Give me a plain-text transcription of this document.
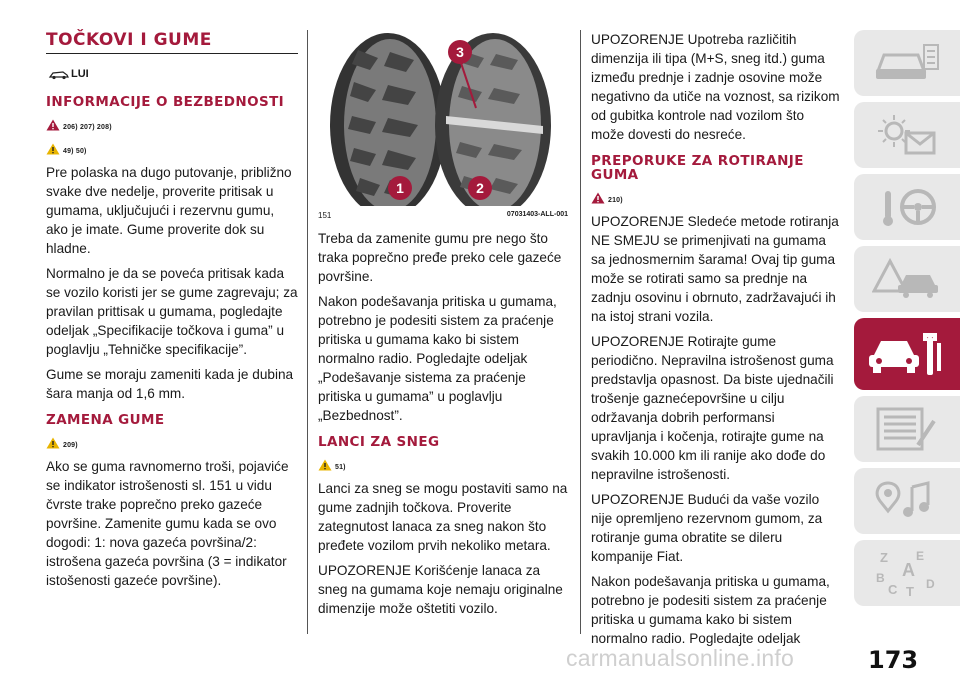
TOČKOVI I GUME
LUI
INFORMACIJE O BEZBEDNOSTI
206) 207) 208)
49) 50)

Pre polaska na dugo putovanje, približno svake dve nedelje, proverite pritisak u gumama, uključujući i rezervnu gumu, ako je imate. Gume proverite dok su hladne.

Normalno je da se poveća pritisak kada se vozilo koristi jer se gume zagrevaju; za pravilan prittisak u gumama, pogledajte odeljak „Specifikacije točkova i guma” u poglavlju „Tehničke specifikacije”.

Gume se moraju zameniti kada je dubina šara manja od 1,6 mm.

ZAMENA GUME
209)

Ako se guma ravnomerno troši, pojaviće se indikator istrošenosti sl. 151 u vidu čvrste trake poprečno preko gazeće površine. Zamenite gumu kada se ovo dogodi: 1: nova gazeća površina/2: istrošena gazeća površina (3 = indikator istošenosti gazeće površine).

3
1	2
151	07031403-ALL-001

Treba da zamenite gumu pre nego što traka poprečno pređe preko cele gazeće površine.

Nakon podešavanja pritiska u gumama, potrebno je podesiti sistem za praćenje pritiska u gumama kako bi sistem normalno radio. Pogledajte odeljak „Podešavanje sistema za praćenje pritiska u gumama” u poglavlju „Bezbednost”.

LANCI ZA SNEG
51)

Lanci za sneg se mogu postaviti samo na gume zadnjih točkova. Proverite zategnutost lanaca za sneg nakon što pređete vozilom prvih nekoliko metara.

UPOZORENJE Korišćenje lanaca za sneg na gumama koje nemaju originalne dimenzije može oštetiti vozilo.

UPOZORENJE Upotreba različitih dimenzija ili tipa (M+S, sneg itd.) guma između prednje i zadnje osovine može negativno da utiče na voznost, sa rizikom od gubitka kontrole nad vozilom što može dovesti do nesreće.

PREPORUKE ZA ROTIRANJE GUMA
210)

UPOZORENJE Sledeće metode rotiranja NE SMEJU se primenjivati na gumama sa jednosmernim šarama! Ovaj tip guma može se rotirati samo sa prednje na zadnju osovinu i obrnuto, zadržavajući ih na istoj strani vozila.

UPOZORENJE Rotirajte gume periodično. Nepravilna istrošenost guma predstavlja opasnost. Da biste ujednačili trošenje gaznećepovršine u cilju održavanja dobrih performansi upravljanja i kočenja, rotirajte gume na svakih 10.000 km ili ranije ako dođe do nepravilne istrošenosti.

UPOZORENJE Budući da vaše vozilo nije opremljeno rezervnom gumom, za rotiranje guma obratite se dileru kompanije Fiat.

Nakon podešavanja pritiska u gumama, potrebno je podesiti sistem za praćenje pritiska u gumama kako bi sistem normalno radio. Pogledajte odeljak

Z E
A
B
C T D
carmanualsonline.info	173
